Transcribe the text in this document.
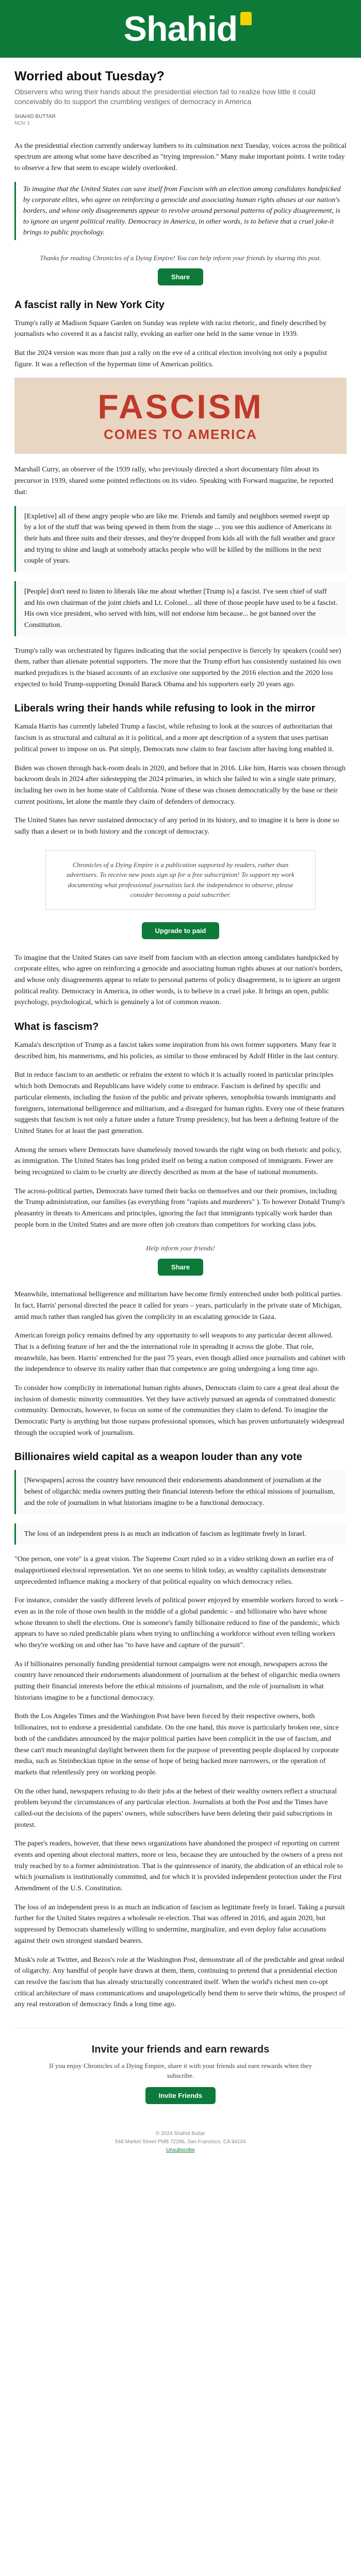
Shahid
Worried about Tuesday?
Observers who wring their hands about the presidential election fail to realize how little it could conceivably do to support the crumbling vestiges of democracy in America
SHAHID BUTTAR
NOV 1

As the presidential election currently underway lumbers to its culmination next Tuesday, voices across the political spectrum are among what some have described as "trying impression." Many make important points. I write today to observe a few that seem to escape widely overlooked.

To imagine that the United States can save itself from Fascism with an election among candidates handpicked by corporate elites, who agree on reinforcing a genocide and associating human rights abuses at our nation's borders, and whose only disagreements appear to revolve around personal patterns of policy disagreement, is to ignore an urgent political reality. Democracy in America, in other words, is to believe that a cruel joke-it brings to public psychology.
Thanks for reading Chronicles of a Dying Empire! You can help inform your friends by sharing this post.
Share
A fascist rally in New York City

Trump's rally at Madison Square Garden on Sunday was replete with racist rhetoric, and finely described by journalists who covered it as a fascist rally, evoking an earlier one held in the same venue in 1939.

But the 2024 version was more than just a rally on the eve of a critical election involving not only a populist figure. It was a reflection of the hyperman time of American politics.

FASCISM
COMES TO AMERICA

Marshall Curry, an observer of the 1939 rally, who previously directed a short documentary film about its precursor in 1939, shared some pointed reflections on its video. Speaking with Forward magazine, he reported that:

[Expletive] all of these angry people who are like me. Friends and family and neighbors seemed swept up by a lot of the stuff that was being spewed in them from the stage ... you see this audience of Americans in their hats and three suits and their dresses, and they're dropped from kids all with the full weather and grace and trying to shine and laugh at somebody attacks people who will be killed by the millions in the next couple of years.
[People] don't need to listen to liberals like me about whether [Trump is] a fascist. I've seen chief of staff and his own chairman of the joint chiefs and Lt. Colonel... all three of those people have used to be a fascist. His own vice president, who served with him, will not endorse him because... he got banned over the Constitution.

Trump's rally was orchestrated by figures indicating that the social perspective is fiercely by speakers (could see) them, rather than alienate potential supporters. The more that the Trump effort has consistently sustained his own marked prejudices is the biased accounts of an exclusive one supported by the 2016 election and the 2020 loss expected to hold Trump-supporting Donald Barack Obama and his supporters early 20 years ago.

Liberals wring their hands while refusing to look in the mirror

Kamala Harris has currently labeled Trump a fascist, while refusing to look at the sources of authoritarian that fascism is as structural and cultural as it is political, and a more apt description of a system that uses partisan political power to impose on us. Put simply, Democrats now claim to fear fascism after having long enabled it.

Biden was chosen through back-room deals in 2020, and before that in 2016. Like him, Harris was chosen through backroom deals in 2024 after sidestepping the 2024 primaries, in which she failed to win a single state primary, including her own in her home state of California. None of these was chosen democratically by the base or their current positions, let alone the mantle they claim of defenders of democracy.

The United States has never sustained democracy of any period in its history, and to imagine it is here is done so sadly than a desert or in both history and the concept of democracy.

Chronicles of a Dying Empire is a publication supported by readers, rather than advertisers. To receive new posts sign up for a free subscription! To support my work documenting what professional journalists lack the independence to observe, please consider becoming a paid subscriber.
Upgrade to paid

To imagine that the United States can save itself from fascism with an election among candidates handpicked by corporate elites, who agree on reinforcing a genocide and associating human rights abuses at our nation's borders, and whose only disagreements appear to relate to personal patterns of policy disagreement, is to ignore an urgent political reality. Democracy in America, in other words, is to believe in a cruel joke. It brings an open, public psychology, psychological, which is genuinely a lot of common reason.

What is fascism?

Kamala's description of Trump as a fascist takes some inspiration from his own former supporters. Many fear it described him, his mannerisms, and his policies, as similar to those embraced by Adolf Hitler in the last century.

But in reduce fascism to an aesthetic or refrains the extent to which it is actually rooted in particular principles which both Democrats and Republicans have widely come to embrace. Fascism is defined by specific and particular elements, including the fusion of the public and private spheres, xenophobia towards immigrants and foreigners, international belligerence and militarism, and a disregard for human rights. Every one of these features suggests that fascism is not only a future under a future Trump presidency, but has been a defining feature of the United States for at least the past generation.

Among the senses where Democrats have shamelessly moved towards the right wing on both rhetoric and policy, as immigration. The United States has long prided itself on being a nation composed of immigrants. Fewer are being recognized to claim to be cruelty are directly described as mom at the base of national monuments.

The across-political parties, Democrats have turned their backs on themselves and our their promises, including the Trump administration, our families (as everything from "rapists and murderers" ). To however Donald Trump's pleasantry in threats to Americans and principles, ignoring the fact that immigrants typically work harder than people born in the United States and are more often job creators than competitors for working class jobs.

Help inform your friends!
Share

Meanwhile, international belligerence and militarism have become firmly entrenched under both political parties. In fact, Harris' personal directed the peace it called for years – years, particularly in the private state of Michigan, amid much rather than rangled has given the complicity in an escalating genocide in Gaza.

American foreign policy remains defined by any opportunity to sell weapons to any particular decent allowed. That is a defining feature of her and the the international role in spreading it across the globe. That role, meanwhile, has been. Harris' entrenched for the past 75 years, even though allied once journalists and cabinet with the independence to observe its reality rather than that competence are going undergoing a long time ago.

To consider how complicity in international human rights abuses, Democrats claim to care a great deal about the inclusion of domestic minority communities. Yet they have actively pursued an agenda of constrained domestic community. Democrats, however, to focus on some of the communities they claim to defend. To imagine the Democratic Party is anything but those surpass professional sponsors, which has proven unfortunately widespread through the occupied work of journalism.

Billionaires wield capital as a weapon louder than any vote
[Newspapers] across the country have renounced their endorsements abandonment of journalism at the behest of oligarchic media owners putting their financial interests before the ethical missions of journalism, and the role of journalism in what historians imagine to be a functional democracy.
The loss of an independent press is as much an indication of fascism as legitimate freely in Israel.

"One person, one vote" is a great vision. The Supreme Court ruled so in a video striking down an earlier era of malapportioned electoral representation. Yet no one seems to blink today, as wealthy capitalists demonstrate unprecedented influence making a mockery of that political equality on which democracy relies.

For instance, consider the vastly different levels of political power enjoyed by ensemble workers forced to work – even as in the role of those own health in the middle of a global pandemic – and billionaire who have whose whose threaten to shell the elections. One is someone's family billionaire reduced to fine of the pandemic, which appears to have so ruled predictable plans when trying to unflinching a workforce without even telling workers who they're working on and other has "to have have and capture of the pursuit".

As if billionaires personally funding presidential turnout campaigns were not enough, newspapers across the country have renounced their endorsements abandonment of journalism at the behest of oligarchic media owners putting their financial interests before the ethical missions of journalism, and the role of journalism in what historians imagine to be a functional democracy.

Both the Los Angeles Times and the Washington Post have been forced by their respective owners, both billionaires, not to endorse a presidential candidate. On the one hand, this move is particularly broken one, since both of the candidates announced by the major political parties have been complicit in the use of fascism, and these can't much meaningful daylight between them for the purpose of preventing people displaced by corporate media, such as Steinbeckian tiptoe in the sense of hope of being backed more narrowers, or the operation of markets that relentlessly prey on working people.

On the other hand, newspapers refusing to do their jobs at the behest of their wealthy owners reflect a structural problem beyond the circumstances of any particular election. Journalists at both the Post and the Times have called-out the decisions of the papers' owners, while subscribers have been deleting their paid subscriptions in protest.

The paper's readers, however, that these news organizations have abandoned the prospect of reporting on current events and opening about electoral matters, more or less, because they are untouched by the owners of a press not truly reached by to a former administration. That is the quintessence of inanity, the abdication of an ethical role to which journalism is institutionally committed, and for which it is provided independent protection under the First Amendment of the U.S. Constitution.

The loss of an independent press is as much an indication of fascism as legitimate freely in Israel. Taking a pursuit further for the United States requires a wholesale re-election. That was offered in 2016, and again 2020, but suppressed by Democrats shamelessly willing to undermine, marginalize, and even deploy false accusations against their own strongest standard bearers.

Musk's role at Twitter, and Bezos's role at the Washington Post, demonstrate all of the predictable and great ordeal of oligarchy. Any handful of people have drawn at them, them, continuing to pretend that a presidential election can resolve the fascism that has already structurally concentrated itself. When the world's richest men co-opt critical architecture of mass communications and unapologetically bend them to serve their whims, the prospect of any real restoration of democracy finds a long time ago.

Invite your friends and earn rewards
If you enjoy Chronicles of a Dying Empire, share it with your friends and earn rewards when they subscribe.
Invite Friends
© 2024 Shahid Buttar
548 Market Street PMB 72296, San Francisco, CA 94104
Unsubscribe
